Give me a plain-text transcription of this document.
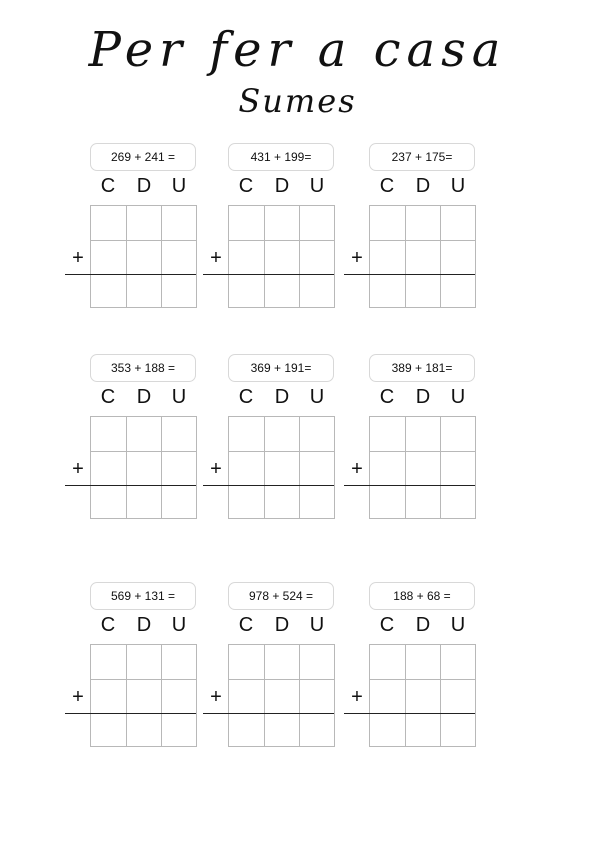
Per fer a casa
Sumes
269 + 241 =
C	D	U
+
431 + 199=
C	D	U
+
237 + 175=
C	D	U
+
353 + 188 =
C	D	U
+
369 + 191=
C	D	U
+
389 + 181=
C	D	U
+
569 + 131 =
C	D	U
+
978 + 524 =
C	D	U
+
188 + 68 =
C	D	U
+
